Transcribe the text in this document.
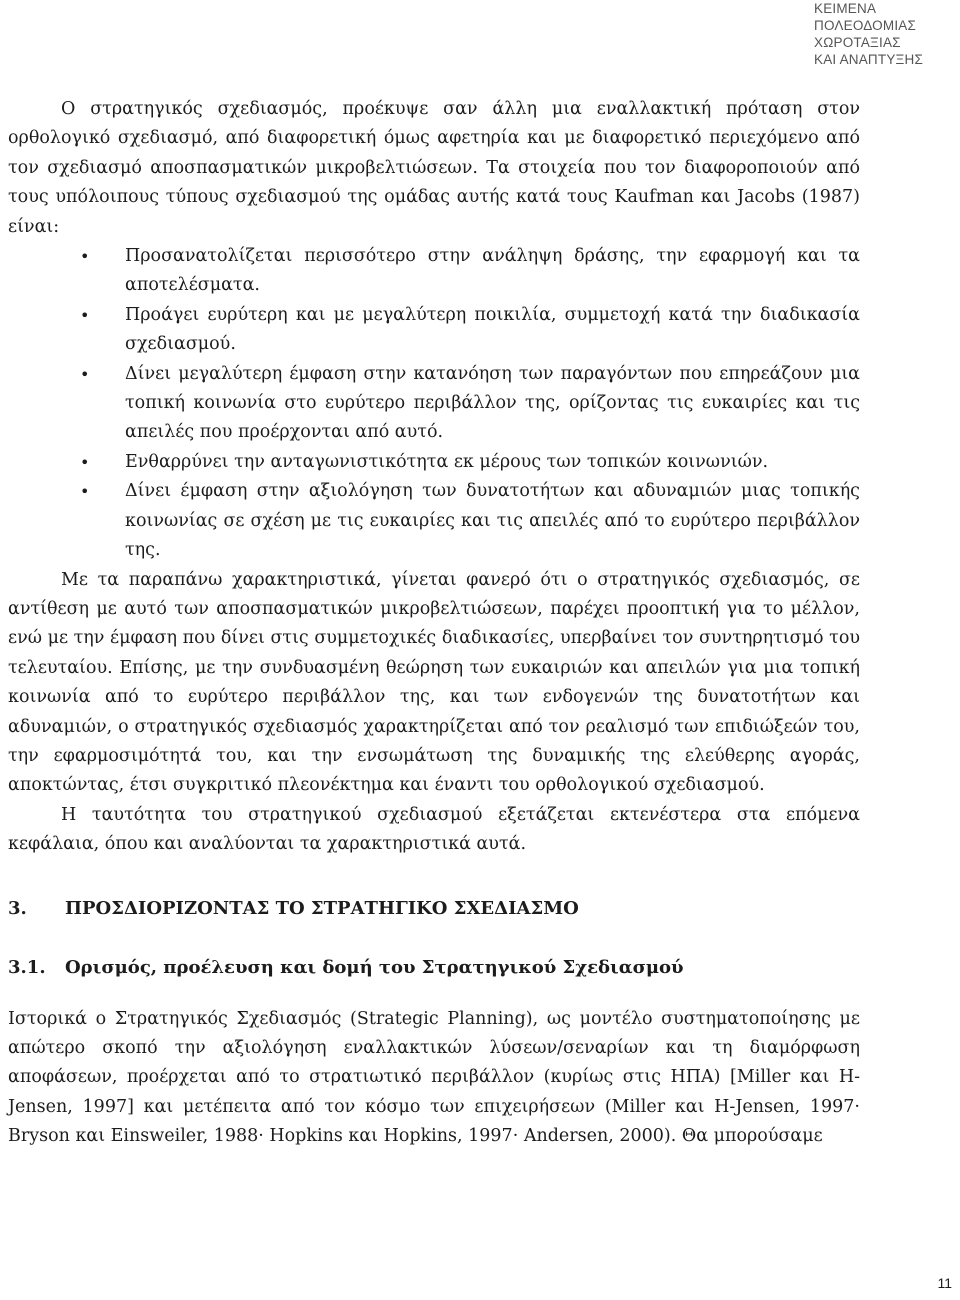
ΚΕΙΜΕΝΑ
ΠΟΛΕΟΔΟΜΙΑΣ
ΧΩΡΟΤΑΞΙΑΣ
ΚΑΙ ΑΝΑΠΤΥΞΗΣ

Ο στρατηγικός σχεδιασμός, προέκυψε σαν άλλη μια εναλλακτική πρόταση στον ορθολογικό σχεδιασμό, από διαφορετική όμως αφετηρία και με διαφορετικό περιεχόμενο από τον σχεδιασμό αποσπασματικών μικροβελτιώσεων. Τα στοιχεία που τον διαφοροποιούν από τους υπόλοιπους τύπους σχεδιασμού της ομάδας αυτής κατά τους Kaufman και Jacobs (1987) είναι:

• Προσανατολίζεται περισσότερο στην ανάληψη δράσης, την εφαρμογή και τα αποτελέσματα.
• Προάγει ευρύτερη και με μεγαλύτερη ποικιλία, συμμετοχή κατά την διαδικασία σχεδιασμού.
• Δίνει μεγαλύτερη έμφαση στην κατανόηση των παραγόντων που επηρεάζουν μια τοπική κοινωνία στο ευρύτερο περιβάλλον της, ορίζοντας τις ευκαιρίες και τις απειλές που προέρχονται από αυτό.
• Ενθαρρύνει την ανταγωνιστικότητα εκ μέρους των τοπικών κοινωνιών.
• Δίνει έμφαση στην αξιολόγηση των δυνατοτήτων και αδυναμιών μιας τοπικής κοινωνίας σε σχέση με τις ευκαιρίες και τις απειλές από το ευρύτερο περιβάλλον της.

Με τα παραπάνω χαρακτηριστικά, γίνεται φανερό ότι ο στρατηγικός σχεδιασμός, σε αντίθεση με αυτό των αποσπασματικών μικροβελτιώσεων, παρέχει προοπτική για το μέλλον, ενώ με την έμφαση που δίνει στις συμμετοχικές διαδικασίες, υπερβαίνει τον συντηρητισμό του τελευταίου. Επίσης, με την συνδυασμένη θεώρηση των ευκαιριών και απειλών για μια τοπική κοινωνία από το ευρύτερο περιβάλλον της, και των ενδογενών της δυνατοτήτων και αδυναμιών, ο στρατηγικός σχεδιασμός χαρακτηρίζεται από τον ρεαλισμό των επιδιώξεών του, την εφαρμοσιμότητά του, και την ενσωμάτωση της δυναμικής της ελεύθερης αγοράς, αποκτώντας, έτσι συγκριτικό πλεονέκτημα και έναντι του ορθολογικού σχεδιασμού.

Η ταυτότητα του στρατηγικού σχεδιασμού εξετάζεται εκτενέστερα στα επόμενα κεφάλαια, όπου και αναλύονται τα χαρακτηριστικά αυτά.

3.	ΠΡΟΣΔΙΟΡΙΖΟΝΤΑΣ ΤΟ ΣΤΡΑΤΗΓΙΚΟ ΣΧΕΔΙΑΣΜΟ
3.1.	Ορισμός, προέλευση και δομή του Στρατηγικού Σχεδιασμού

Ιστορικά ο Στρατηγικός Σχεδιασμός (Strategic Planning), ως μοντέλο συστηματοποίησης με απώτερο σκοπό την αξιολόγηση εναλλακτικών λύσεων/σεναρίων και τη διαμόρφωση αποφάσεων, προέρχεται από το στρατιωτικό περιβάλλον (κυρίως στις ΗΠΑ) [Miller και H-Jensen, 1997] και μετέπειτα από τον κόσμο των επιχειρήσεων (Miller και H-Jensen, 1997· Bryson και Einsweiler, 1988· Hopkins και Hopkins, 1997· Andersen, 2000). Θα μπορούσαμε

11
